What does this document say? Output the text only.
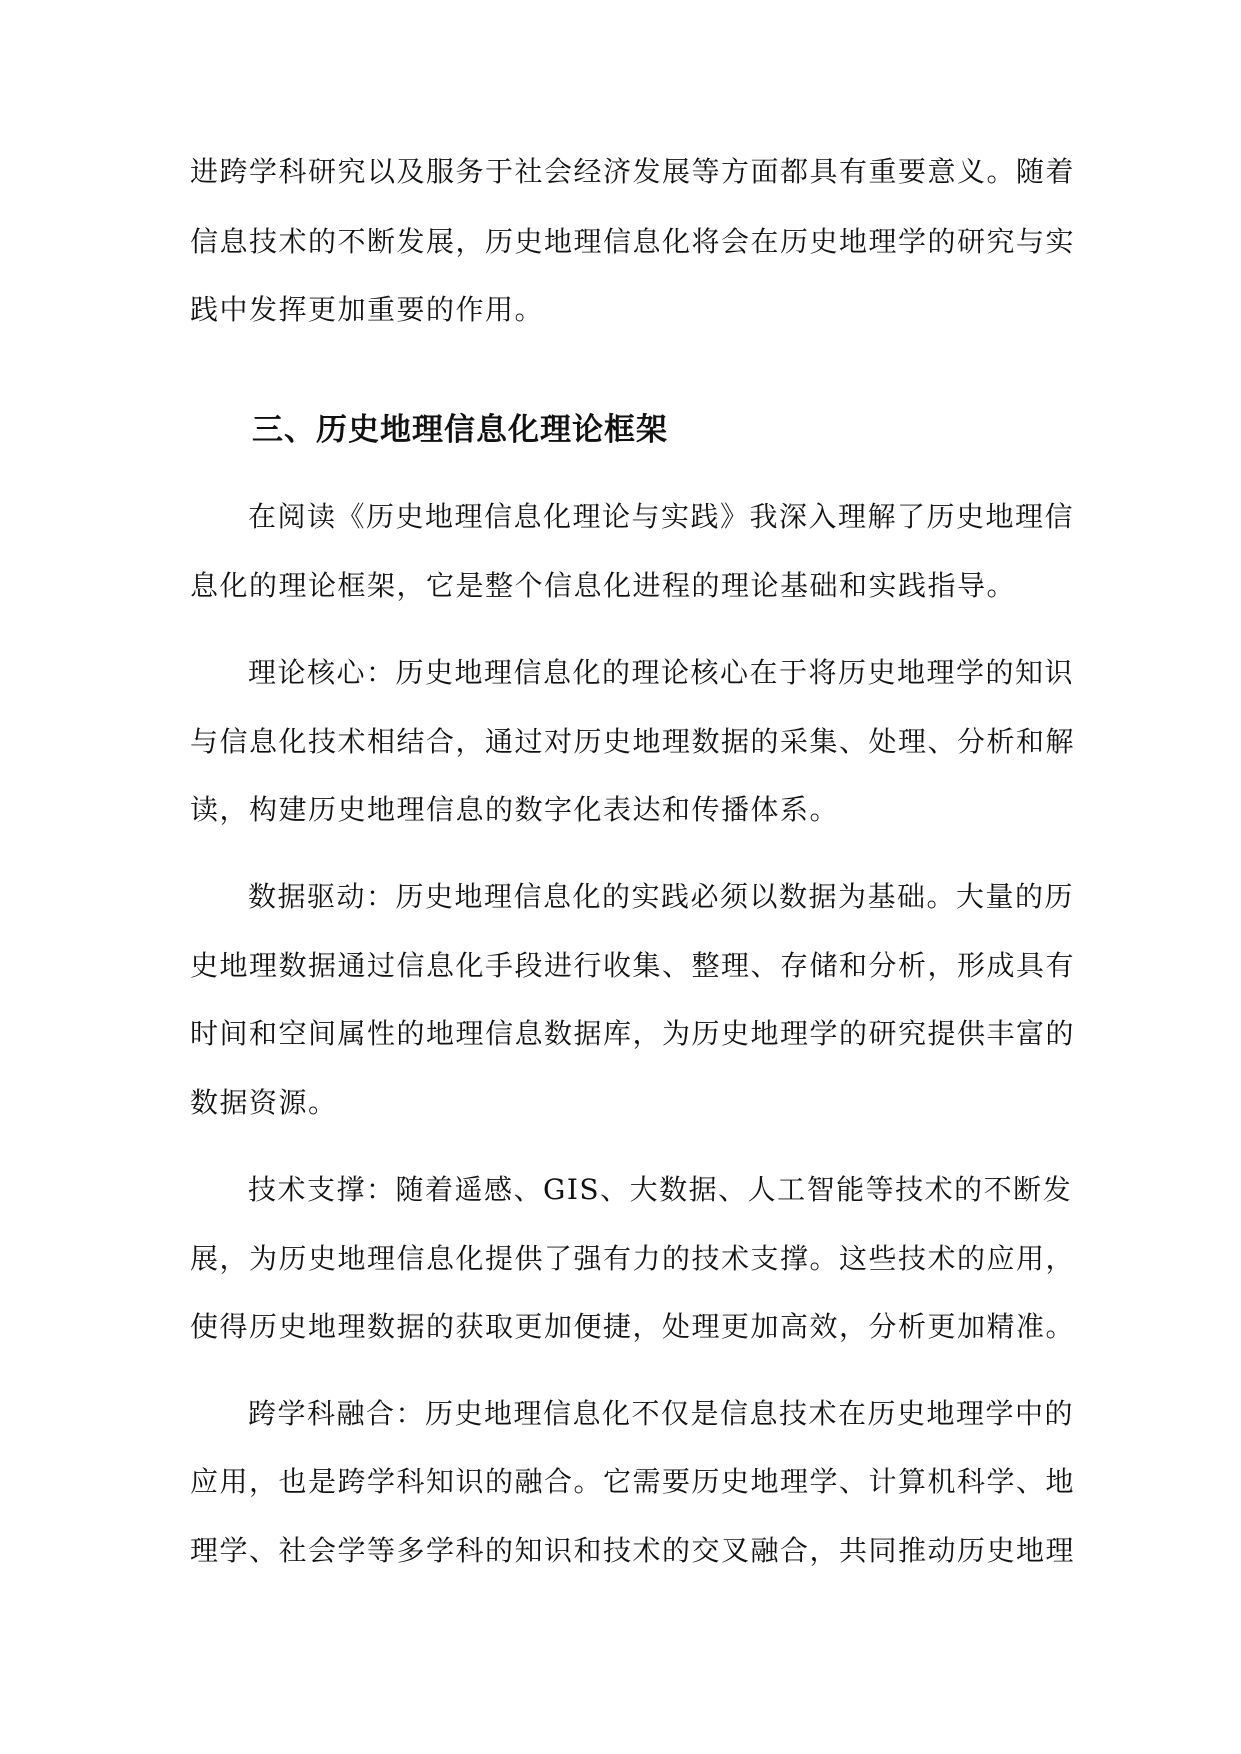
进跨学科研究以及服务于社会经济发展等方面都具有重要意义。随着
信息技术的不断发展，历史地理信息化将会在历史地理学的研究与实
践中发挥更加重要的作用。
三、历史地理信息化理论框架
在阅读《历史地理信息化理论与实践》我深入理解了历史地理信
息化的理论框架，它是整个信息化进程的理论基础和实践指导。
理论核心：历史地理信息化的理论核心在于将历史地理学的知识
与信息化技术相结合，通过对历史地理数据的采集、处理、分析和解
读，构建历史地理信息的数字化表达和传播体系。
数据驱动：历史地理信息化的实践必须以数据为基础。大量的历
史地理数据通过信息化手段进行收集、整理、存储和分析，形成具有
时间和空间属性的地理信息数据库，为历史地理学的研究提供丰富的
数据资源。
技术支撑：随着遥感、GIS、大数据、人工智能等技术的不断发
展，为历史地理信息化提供了强有力的技术支撑。这些技术的应用，
使得历史地理数据的获取更加便捷，处理更加高效，分析更加精准。
跨学科融合：历史地理信息化不仅是信息技术在历史地理学中的
应用，也是跨学科知识的融合。它需要历史地理学、计算机科学、地
理学、社会学等多学科的知识和技术的交叉融合，共同推动历史地理
